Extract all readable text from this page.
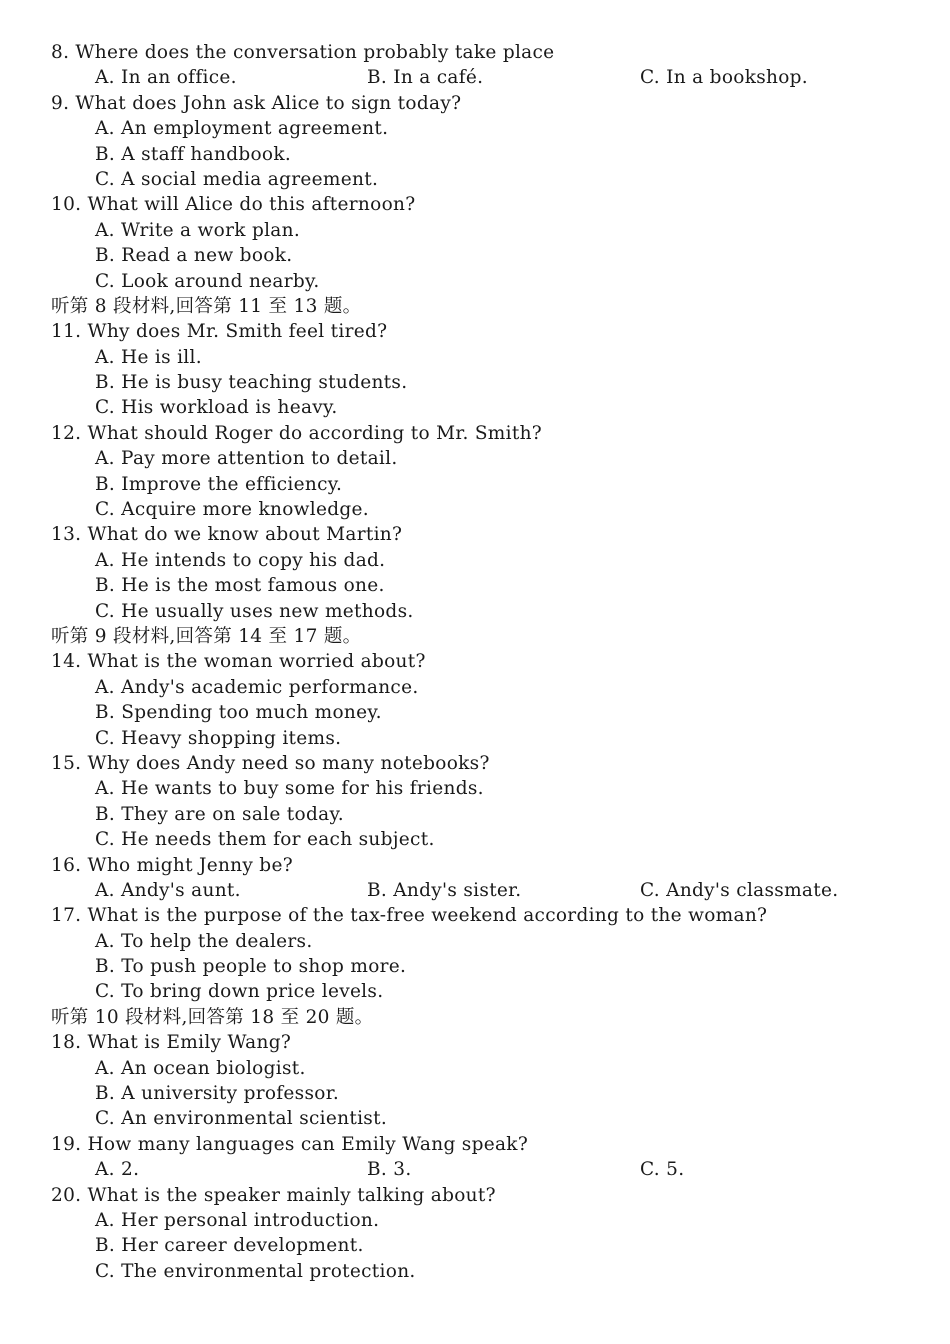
8. Where does the conversation probably take place
A. In an office.	B. In a café.	C. In a bookshop.
9. What does John ask Alice to sign today?
A. An employment agreement.
B. A staff handbook.
C. A social media agreement.
10. What will Alice do this afternoon?
A. Write a work plan.
B. Read a new book.
C. Look around nearby.
听第 8 段材料,回答第 11 至 13 题。
11. Why does Mr. Smith feel tired?
A. He is ill.
B. He is busy teaching students.
C. His workload is heavy.
12. What should Roger do according to Mr. Smith?
A. Pay more attention to detail.
B. Improve the efficiency.
C. Acquire more knowledge.
13. What do we know about Martin?
A. He intends to copy his dad.
B. He is the most famous one.
C. He usually uses new methods.
听第 9 段材料,回答第 14 至 17 题。
14. What is the woman worried about?
A. Andy's academic performance.
B. Spending too much money.
C. Heavy shopping items.
15. Why does Andy need so many notebooks?
A. He wants to buy some for his friends.
B. They are on sale today.
C. He needs them for each subject.
16. Who might Jenny be?
A. Andy's aunt.	B. Andy's sister.	C. Andy's classmate.
17. What is the purpose of the tax-free weekend according to the woman?
A. To help the dealers.
B. To push people to shop more.
C. To bring down price levels.
听第 10 段材料,回答第 18 至 20 题。
18. What is Emily Wang?
A. An ocean biologist.
B. A university professor.
C. An environmental scientist.
19. How many languages can Emily Wang speak?
A. 2.	B. 3.	C. 5.
20. What is the speaker mainly talking about?
A. Her personal introduction.
B. Her career development.
C. The environmental protection.
